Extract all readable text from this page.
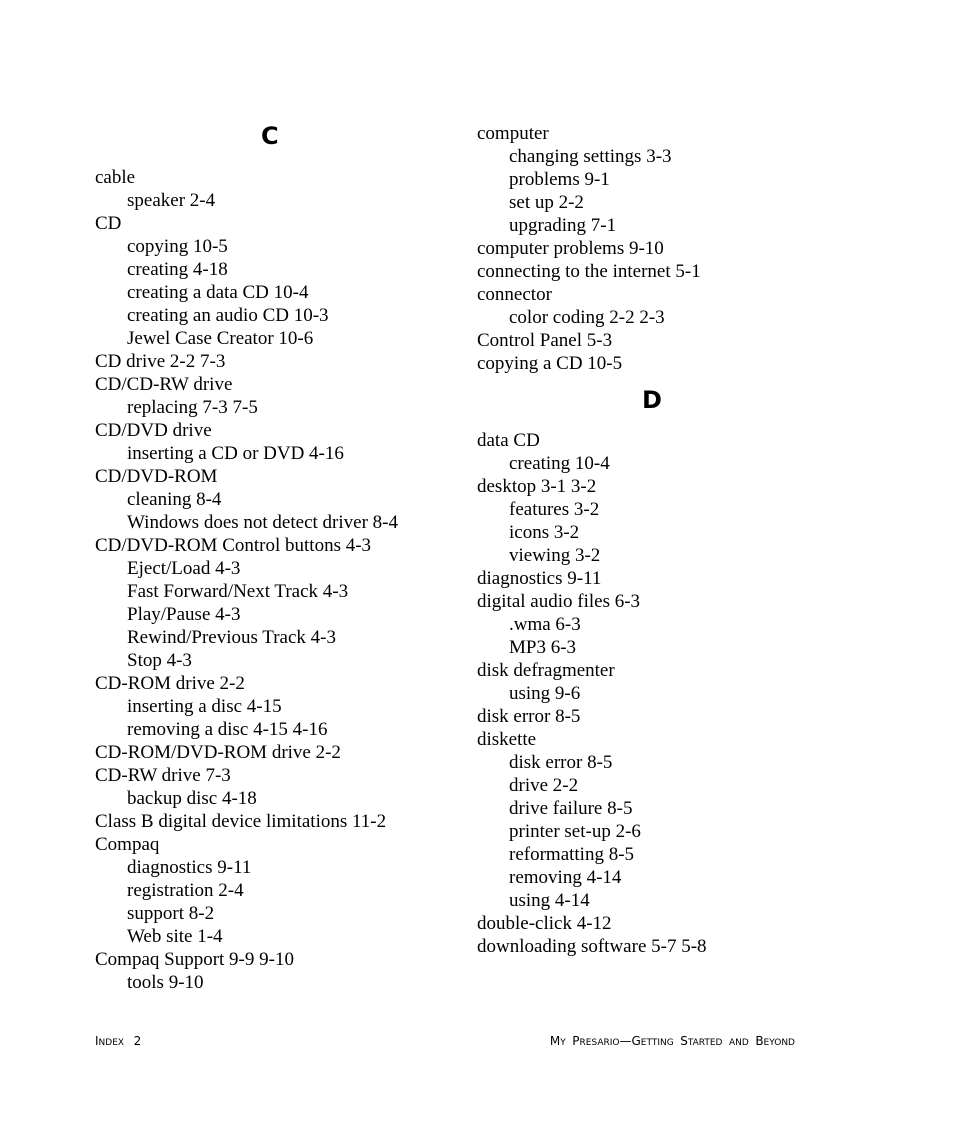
C
cable
speaker 2-4
CD
copying 10-5
creating 4-18
creating a data CD 10-4
creating an audio CD 10-3
Jewel Case Creator 10-6
CD drive 2-2 7-3
CD/CD-RW drive
replacing 7-3 7-5
CD/DVD drive
inserting a CD or DVD 4-16
CD/DVD-ROM
cleaning 8-4
Windows does not detect driver 8-4
CD/DVD-ROM Control buttons 4-3
Eject/Load 4-3
Fast Forward/Next Track 4-3
Play/Pause 4-3
Rewind/Previous Track 4-3
Stop 4-3
CD-ROM drive 2-2
inserting a disc 4-15
removing a disc 4-15 4-16
CD-ROM/DVD-ROM drive 2-2
CD-RW drive 7-3
backup disc 4-18
Class B digital device limitations 11-2
Compaq
diagnostics 9-11
registration 2-4
support 8-2
Web site 1-4
Compaq Support 9-9 9-10
tools 9-10
computer
changing settings 3-3
problems 9-1
set up 2-2
upgrading 7-1
computer problems 9-10
connecting to the internet 5-1
connector
color coding 2-2 2-3
Control Panel 5-3
copying a CD 10-5
D
data CD
creating 10-4
desktop 3-1 3-2
features 3-2
icons 3-2
viewing 3-2
diagnostics 9-11
digital audio files 6-3
.wma 6-3
MP3 6-3
disk defragmenter
using 9-6
disk error 8-5
diskette
disk error 8-5
drive 2-2
drive failure 8-5
printer set-up 2-6
reformatting 8-5
removing 4-14
using 4-14
double-click 4-12
downloading software 5-7 5-8
INDEX 2	MY PRESARIO—GETTING STARTED AND BEYOND
